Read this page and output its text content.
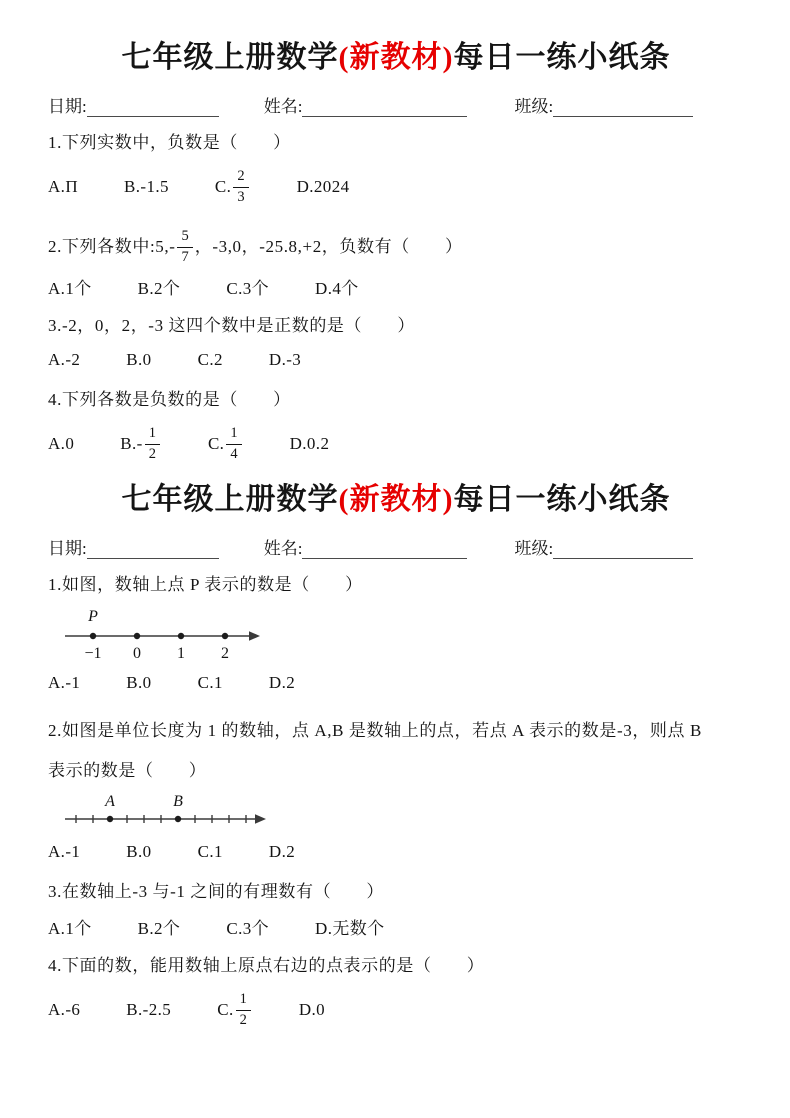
七年级上册数学(新教材)每日一练小纸条
日期:	姓名:	班级:
1.下列实数中，负数是（　　）
A.Π	B.-1.5	C. $\frac{2}{3}$	D.2024
2.下列各数中:5,- $\frac{5}{7}$ ，-3,0，-25.8,+2，负数有（　　）
A.1个	B.2个	C.3个	D.4个
3.-2，0，2，-3 这四个数中是正数的是（　　）
A.-2	B.0	C.2	D.-3
4.下列各数是负数的是（　　）
A.0	$B.- \frac{1}{2}$	C. $\frac{1}{4}$	D.0.2
七年级上册数学(新教材)每日一练小纸条
日期:	姓名:	班级:
1.如图，数轴上点 P 表示的数是（　　）
P
−1 0 1 2
A.-1	B.0	C.1	D.2
2.如图是单位长度为 1 的数轴，点 A,B 是数轴上的点，若点 A 表示的数是-3，则点 B
表示的数是（　　）
A	B
A.-1	B.0	C.1	D.2
3.在数轴上-3 与-1 之间的有理数有（　　）
A.1个	B.2个	C.3个	D.无数个
4.下面的数，能用数轴上原点右边的点表示的是（　　）
A.-6	B.-2.5	C. $\frac{1}{2}$	D.0
